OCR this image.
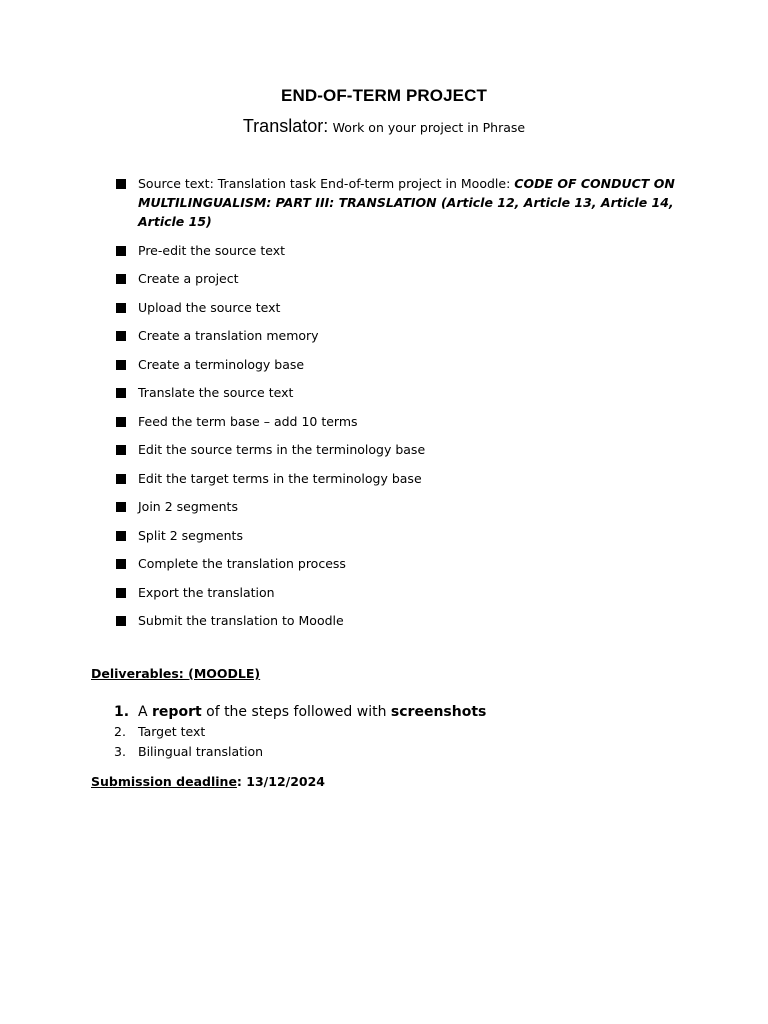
END-OF-TERM PROJECT
Translator: Work on your project in Phrase
Source text: Translation task End-of-term project in Moodle: CODE OF CONDUCT ON MULTILINGUALISM: PART III: TRANSLATION (Article 12, Article 13, Article 14, Article 15)
Pre-edit the source text
Create a project
Upload the source text
Create a translation memory
Create a terminology base
Translate the source text
Feed the term base – add 10 terms
Edit the source terms in the terminology base
Edit the target terms in the terminology base
Join 2 segments
Split 2 segments
Complete the translation process
Export the translation
Submit the translation to Moodle
Deliverables: (MOODLE)
1. A report of the steps followed with screenshots
2. Target text
3. Bilingual translation
Submission deadline: 13/12/2024
